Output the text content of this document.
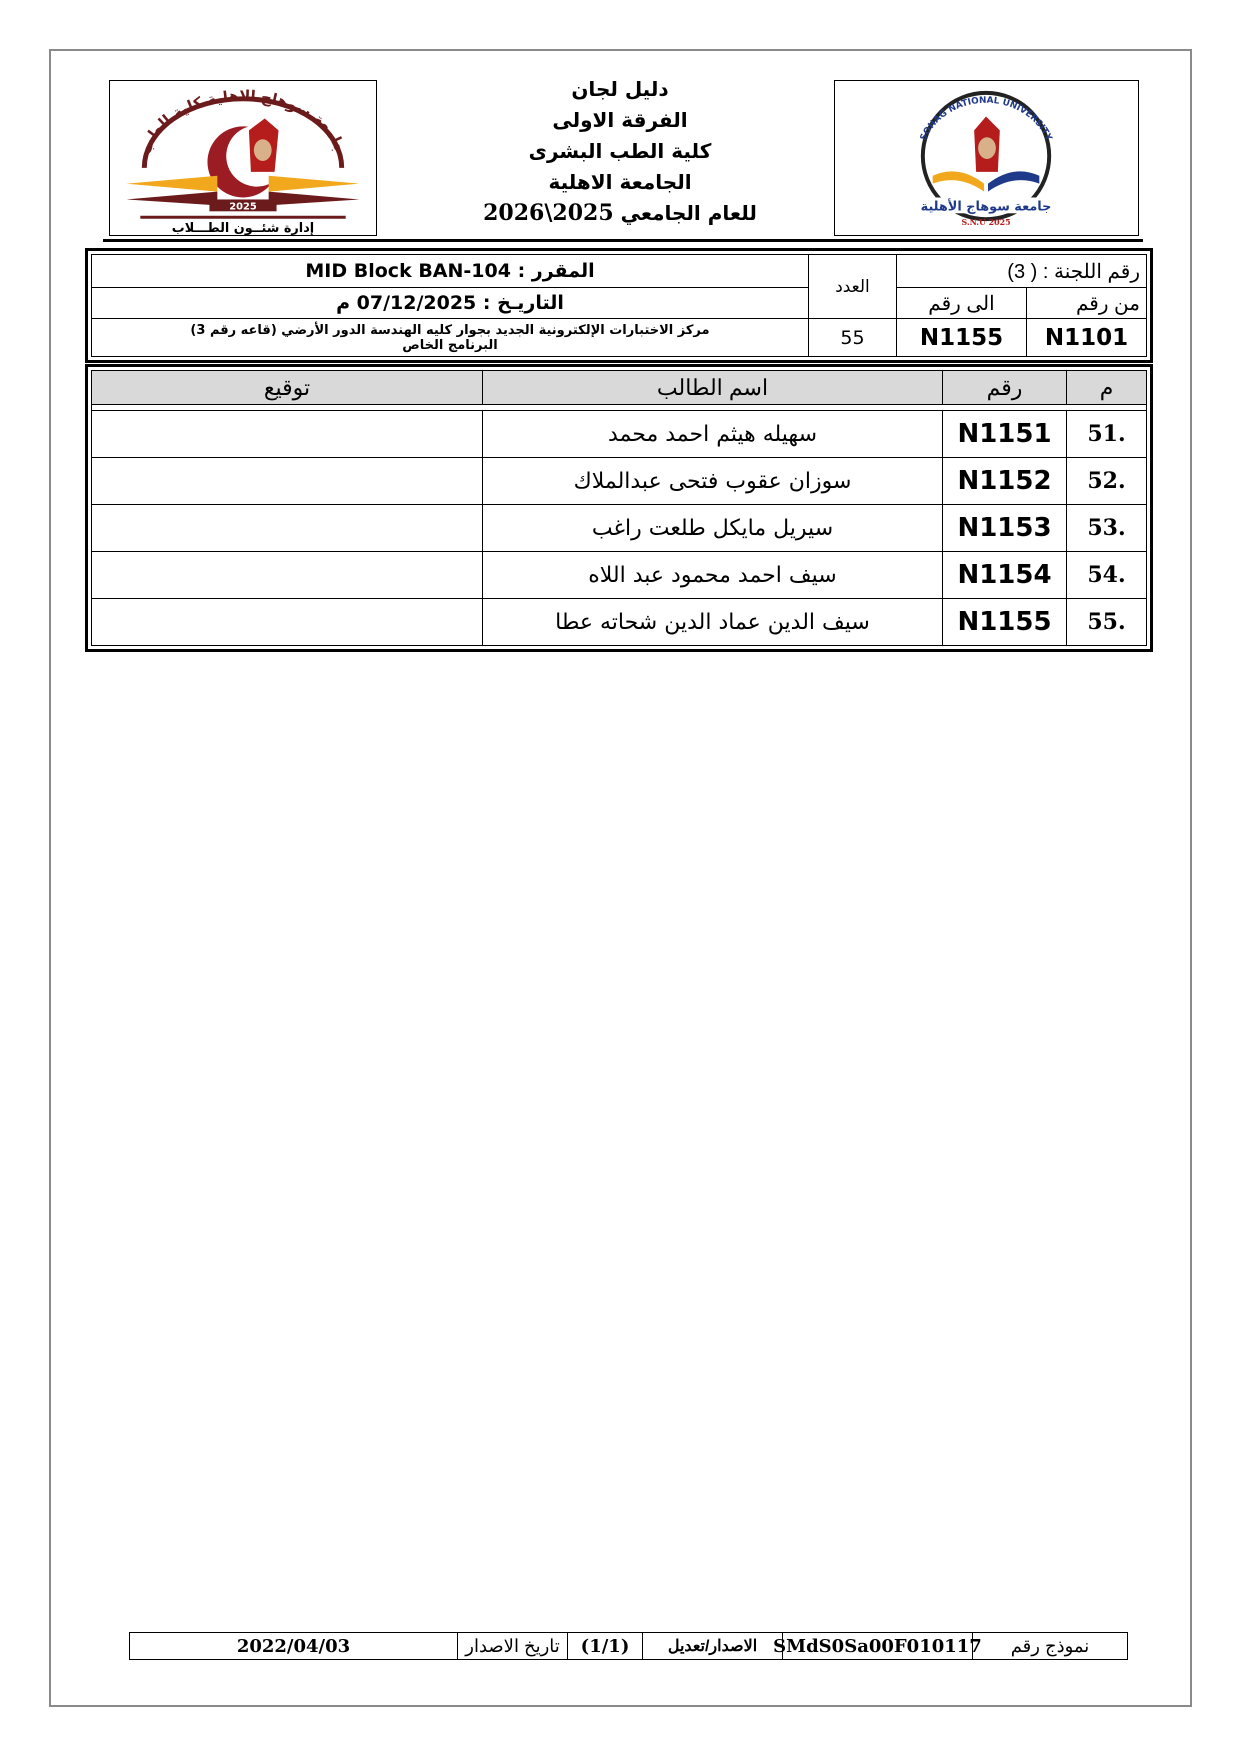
جامعة سوهاج الاهلية كلية الطب
2025
إدارة شئــون الطـــلاب
دليل لجان
الفرقة الاولى
كلية الطب البشرى
الجامعة الاهلية
للعام الجامعي 2025\2026
SOHAG NATIONAL UNIVERSITY
جامعة سوهاج الأهلية
S.N.U 2025
رقم اللجنة : ( 3)		العدد	المقرر : MID Block BAN-104
من رقم	الى رقم		التاريـخ : 07/12/2025 م
N1101	N1155	55	مركز الاختبارات الإلكترونية الجديد بجوار كليه الهندسة الدور الأرضي (قاعه رقم 3)
البرنامج الخاص
م	رقم	اسم الطالب	توقيع

51.	N1151	سهيله هيثم احمد محمد	
52.	N1152	سوزان عقوب فتحى عبدالملاك	
53.	N1153	سيريل مايكل طلعت راغب	
54.	N1154	سيف احمد محمود عبد اللاه	
55.	N1155	سيف الدين عماد الدين شحاته عطا	
نموذج رقم
SMdS0Sa00F010117
الاصدار/تعديل
(1/1)
تاريخ الاصدار
2022/04/03
